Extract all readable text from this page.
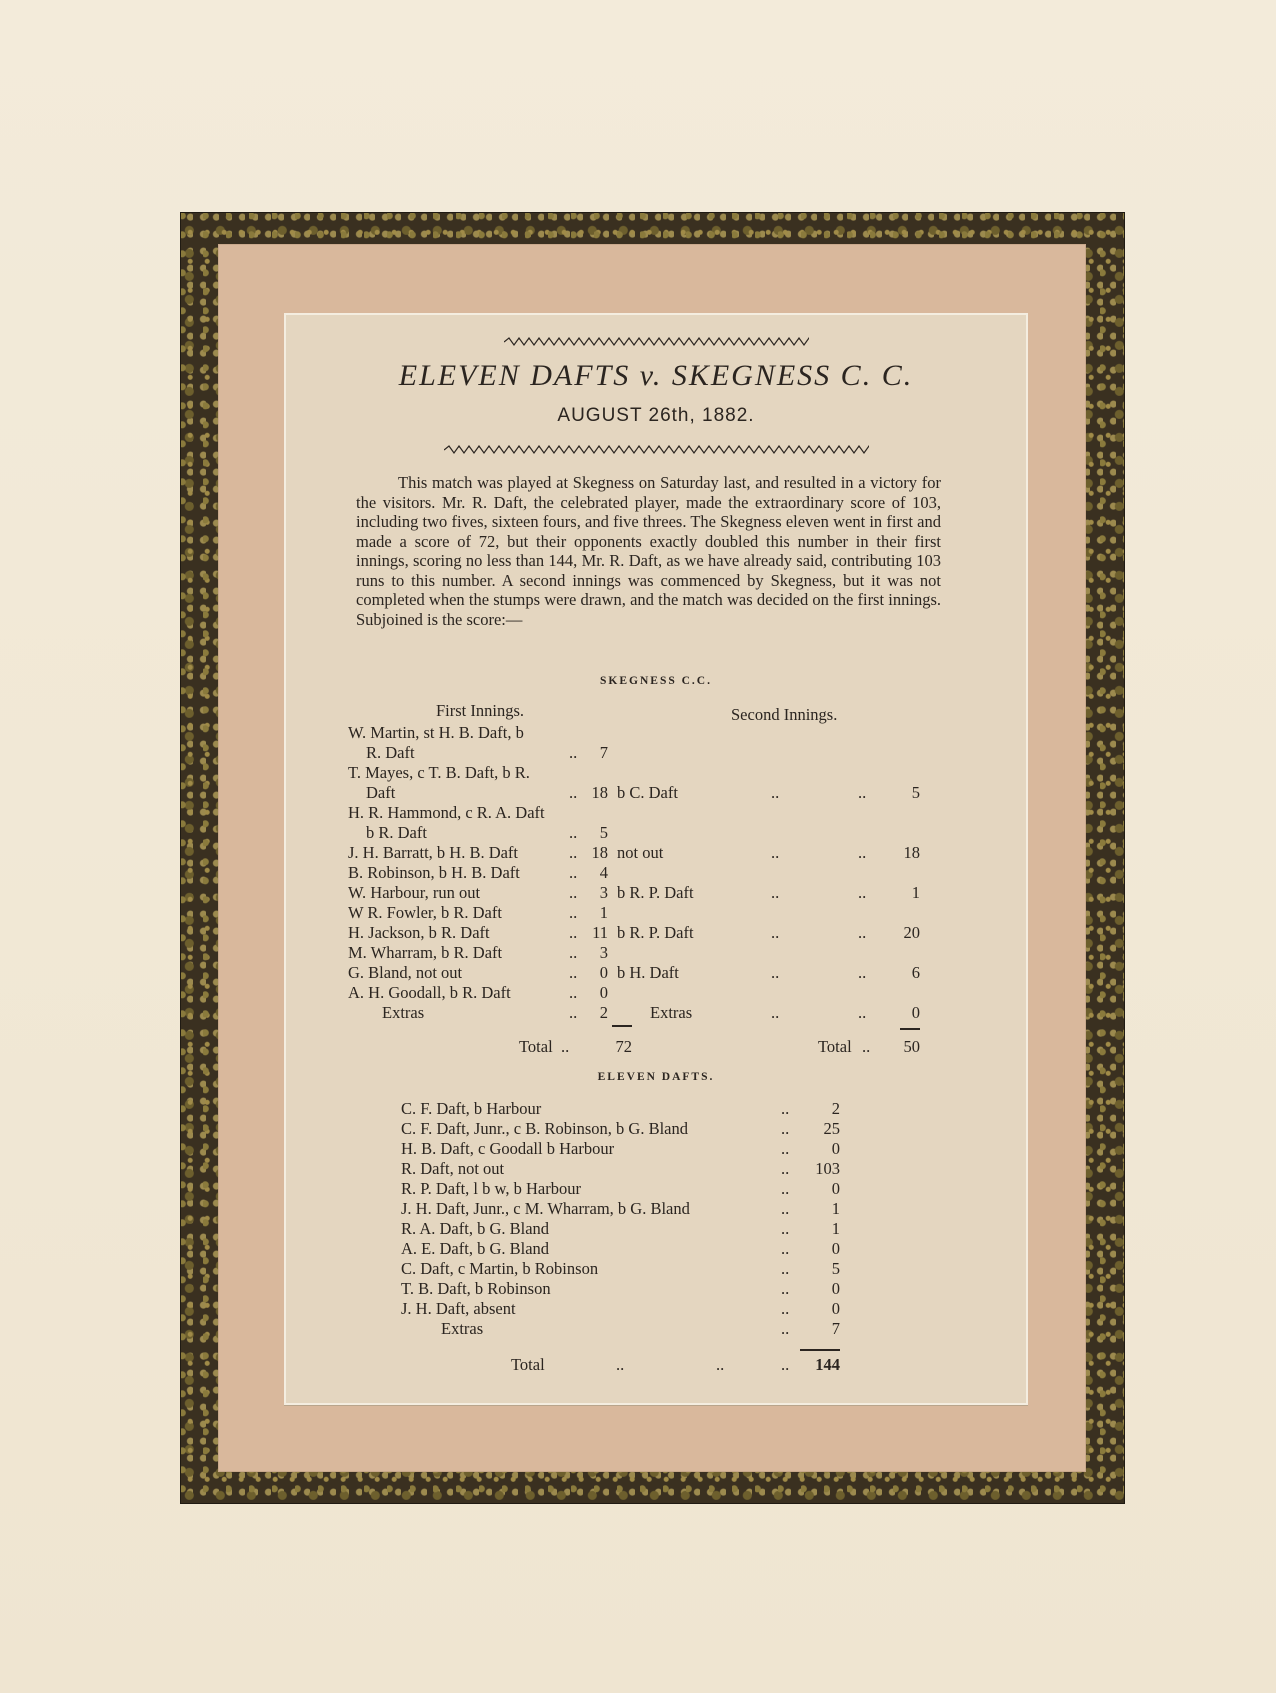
ELEVEN DAFTS v. SKEGNESS C. C.
AUGUST 26th, 1882.

This match was played at Skegness on Saturday last, and resulted in a victory for the visitors. Mr. R. Daft, the celebrated player, made the extraordinary score of 103, including two fives, sixteen fours, and five threes. The Skegness eleven went in first and made a score of 72, but their opponents exactly doubled this number in their first innings, scoring no less than 144, Mr. R. Daft, as we have already said, contributing 103 runs to this number. A second innings was commenced by Skegness, but it was not completed when the stumps were drawn, and the match was decided on the first innings. Subjoined is the score:—

SKEGNESS C.C.
First Innings.	Second Innings.
W. Martin, st H. B. Daft, b
R. Daft	..	7
T. Mayes, c T. B. Daft, b R.
Daft	.. 18 b C. Daft	..	..	5
H. R. Hammond, c R. A. Daft
b R. Daft	..	5
J. H. Barratt, b H. B. Daft	.. 18 not out	..	..	18
B. Robinson, b H. B. Daft	..	4
W. Harbour, run out	..	3 b R. P. Daft	..	..	1
W R. Fowler, b R. Daft	..	1
H. Jackson, b R. Daft	.. 11 b R. P. Daft	..	..	20
M. Wharram, b R. Daft	..	3
G. Bland, not out	..	0 b H. Daft	..	..	6
A. H. Goodall, b R. Daft	..	0
Extras	..	2	Extras	..	..	0
Total ..	72	Total ..	50
ELEVEN DAFTS.
C. F. Daft, b Harbour	..	2
C. F. Daft, Junr., c B. Robinson, b G. Bland	..	25
H. B. Daft, c Goodall b Harbour	..	0
R. Daft, not out	..	103
R. P. Daft, l b w, b Harbour	..	0
J. H. Daft, Junr., c M. Wharram, b G. Bland	..	1
R. A. Daft, b G. Bland	..	1
A. E. Daft, b G. Bland	..	0
C. Daft, c Martin, b Robinson	..	5
T. B. Daft, b Robinson	..	0
J. H. Daft, absent	..	0
Extras	..	7
Total	..	..	..	144
